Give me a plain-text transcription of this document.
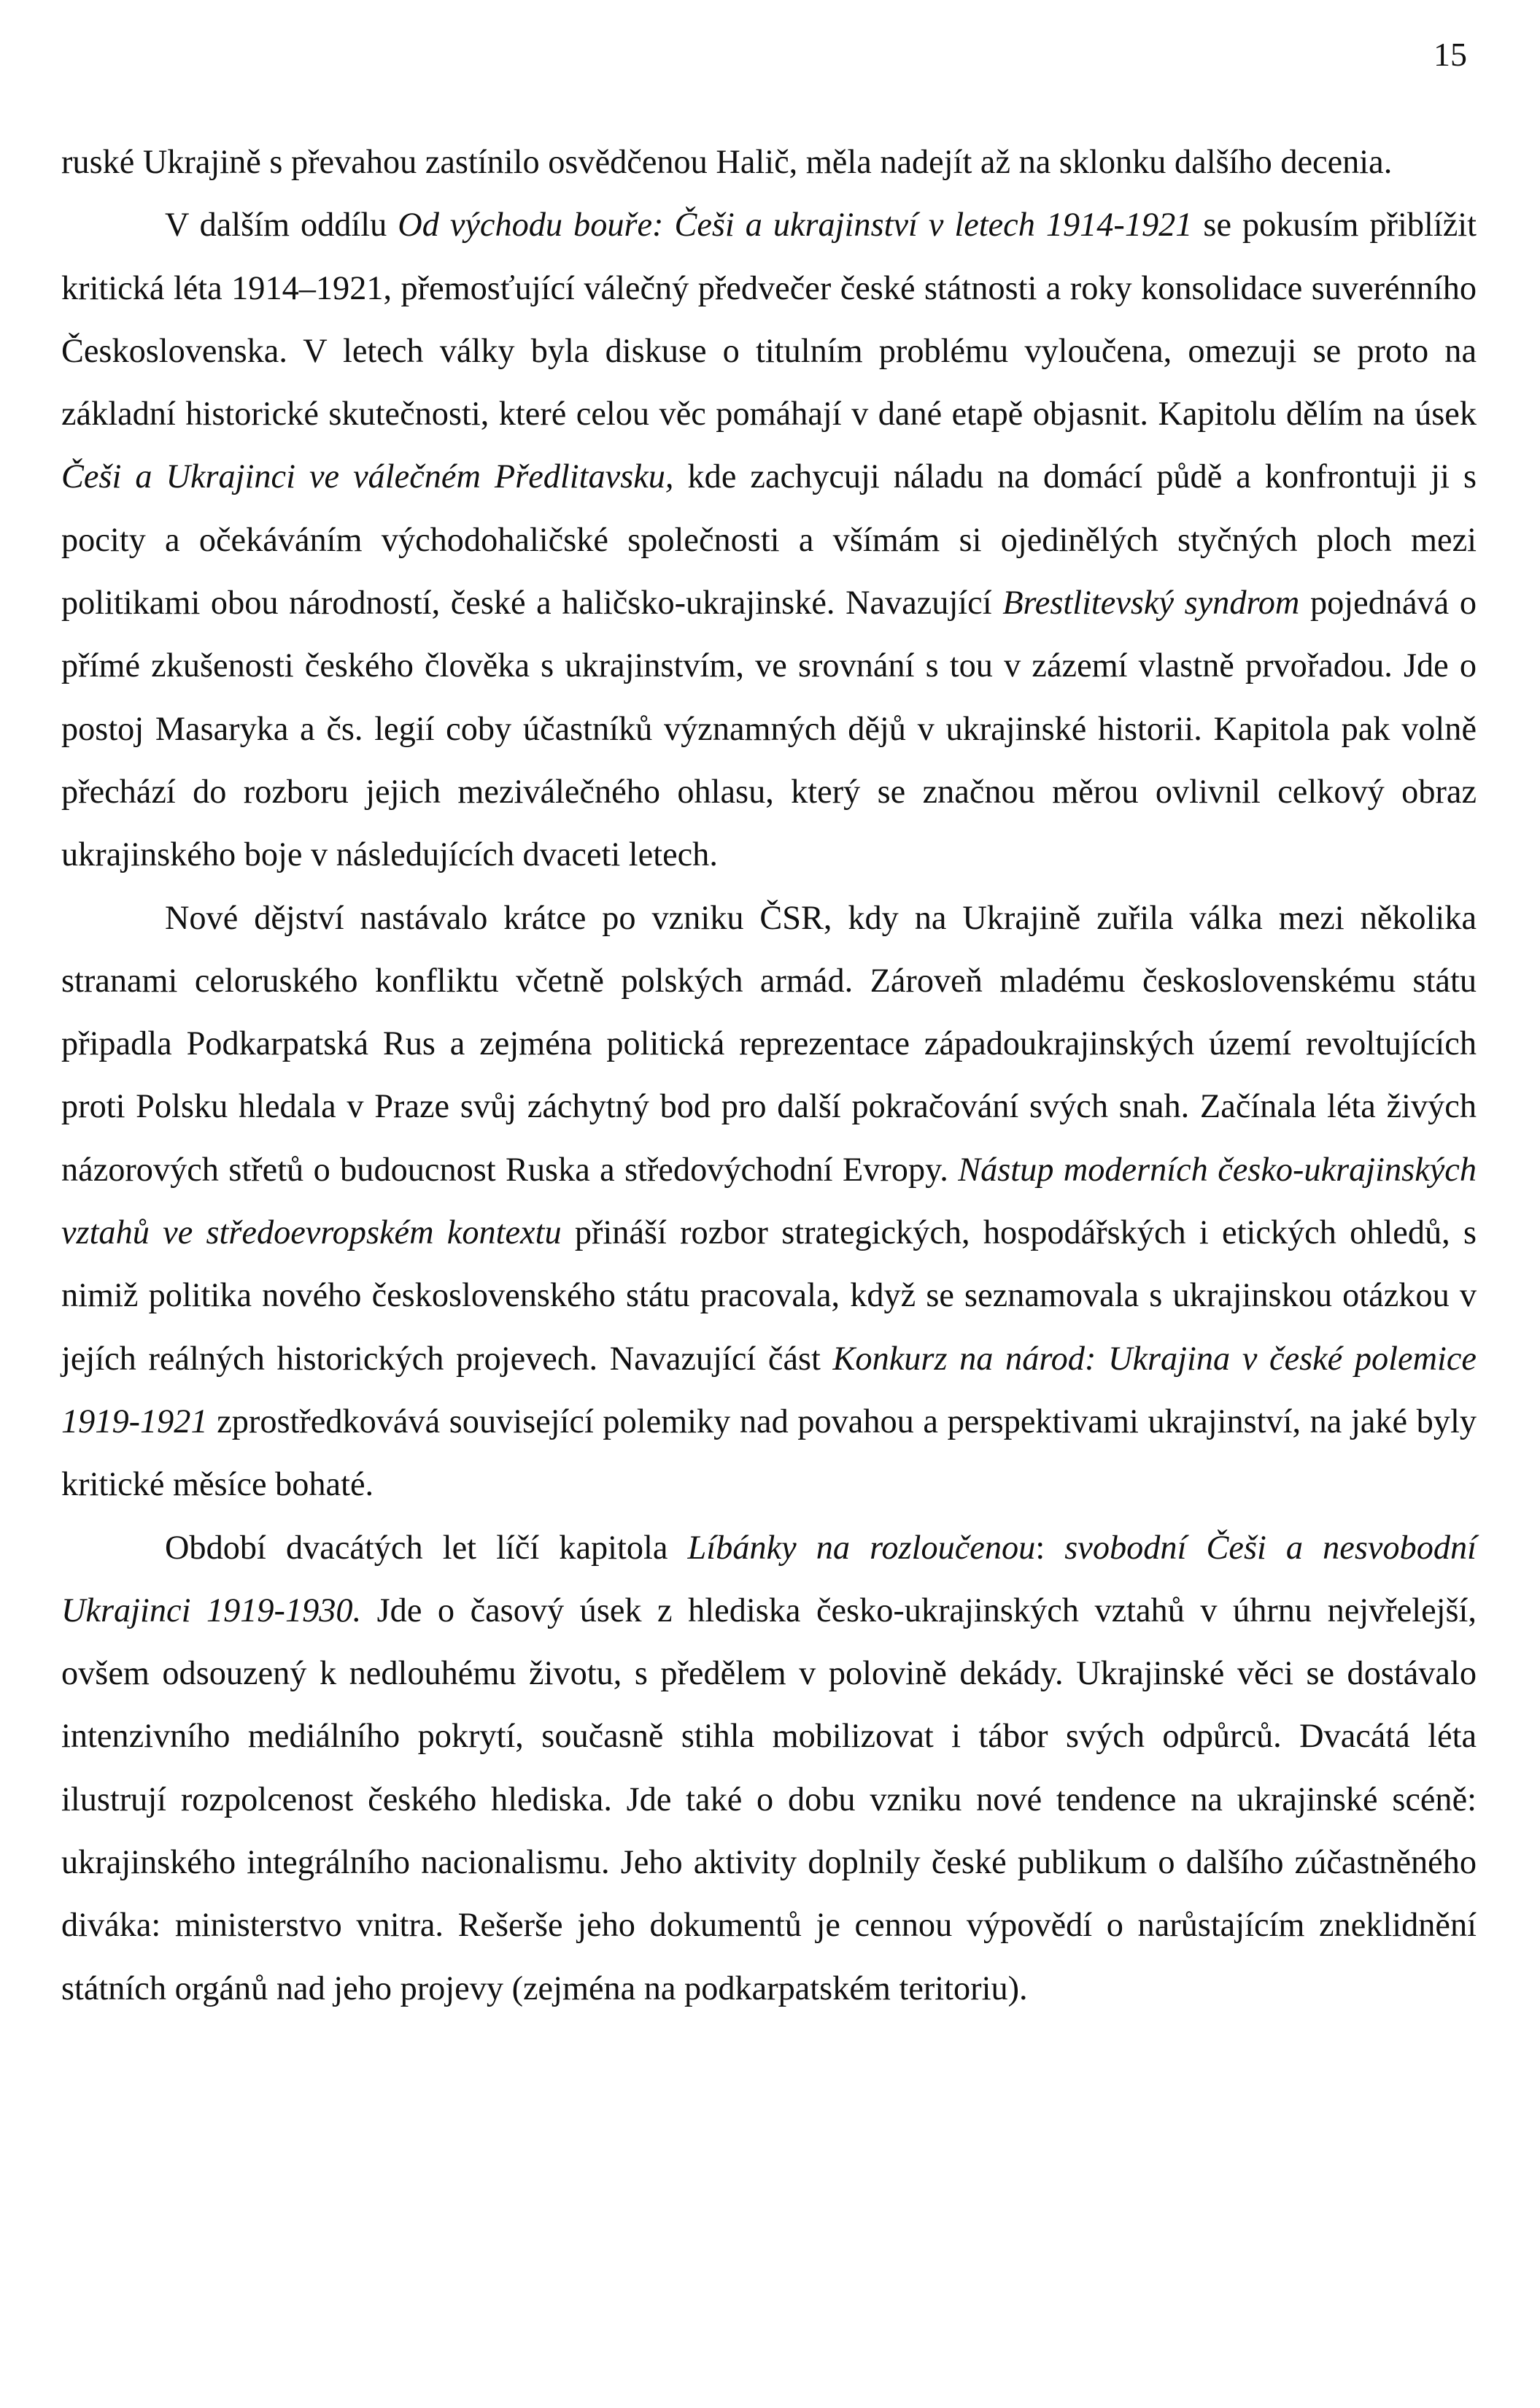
15

ruské Ukrajině s převahou zastínilo osvědčenou Halič, měla nadejít až na sklonku dalšího decenia.

V dalším oddílu Od východu bouře: Češi a ukrajinství v letech 1914-1921 se pokusím přiblížit kritická léta 1914–1921, přemosťující válečný předvečer české státnosti a roky konsolidace suverénního Československa. V letech války byla diskuse o titulním problému vyloučena, omezuji se proto na základní historické skutečnosti, které celou věc pomáhají v dané etapě objasnit. Kapitolu dělím na úsek Češi a Ukrajinci ve válečném Předlitavsku, kde zachycuji náladu na domácí půdě a konfrontuji ji s pocity a očekáváním východohaličské společnosti a všímám si ojedinělých styčných ploch mezi politikami obou národností, české a haličsko-ukrajinské. Navazující Brestlitevský syndrom pojednává o přímé zkušenosti českého člověka s ukrajinstvím, ve srovnání s tou v zázemí vlastně prvořadou. Jde o postoj Masaryka a čs. legií coby účastníků významných dějů v ukrajinské historii. Kapitola pak volně přechází do rozboru jejich meziválečného ohlasu, který se značnou měrou ovlivnil celkový obraz ukrajinského boje v následujících dvaceti letech.

Nové dějství nastávalo krátce po vzniku ČSR, kdy na Ukrajině zuřila válka mezi několika stranami celoruského konfliktu včetně polských armád. Zároveň mladému československému státu připadla Podkarpatská Rus a zejména politická reprezentace západoukrajinských území revoltujících proti Polsku hledala v Praze svůj záchytný bod pro další pokračování svých snah. Začínala léta živých názorových střetů o budoucnost Ruska a středovýchodní Evropy. Nástup moderních česko-ukrajinských vztahů ve středoevropském kontextu přináší rozbor strategických, hospodářských i etických ohledů, s nimiž politika nového československého státu pracovala, když se seznamovala s ukrajinskou otázkou v jejích reálných historických projevech. Navazující část Konkurz na národ: Ukrajina v české polemice 1919-1921 zprostředkovává související polemiky nad povahou a perspektivami ukrajinství, na jaké byly kritické měsíce bohaté.

Období dvacátých let líčí kapitola Líbánky na rozloučenou: svobodní Češi a nesvobodní Ukrajinci 1919-1930. Jde o časový úsek z hlediska česko-ukrajinských vztahů v úhrnu nejvřelejší, ovšem odsouzený k nedlouhému životu, s předělem v polovině dekády. Ukrajinské věci se dostávalo intenzivního mediálního pokrytí, současně stihla mobilizovat i tábor svých odpůrců. Dvacátá léta ilustrují rozpolcenost českého hlediska. Jde také o dobu vzniku nové tendence na ukrajinské scéně: ukrajinského integrálního nacionalismu. Jeho aktivity doplnily české publikum o dalšího zúčastněného diváka: ministerstvo vnitra. Rešerše jeho dokumentů je cennou výpovědí o narůstajícím zneklidnění státních orgánů nad jeho projevy (zejména na podkarpatském teritoriu).
